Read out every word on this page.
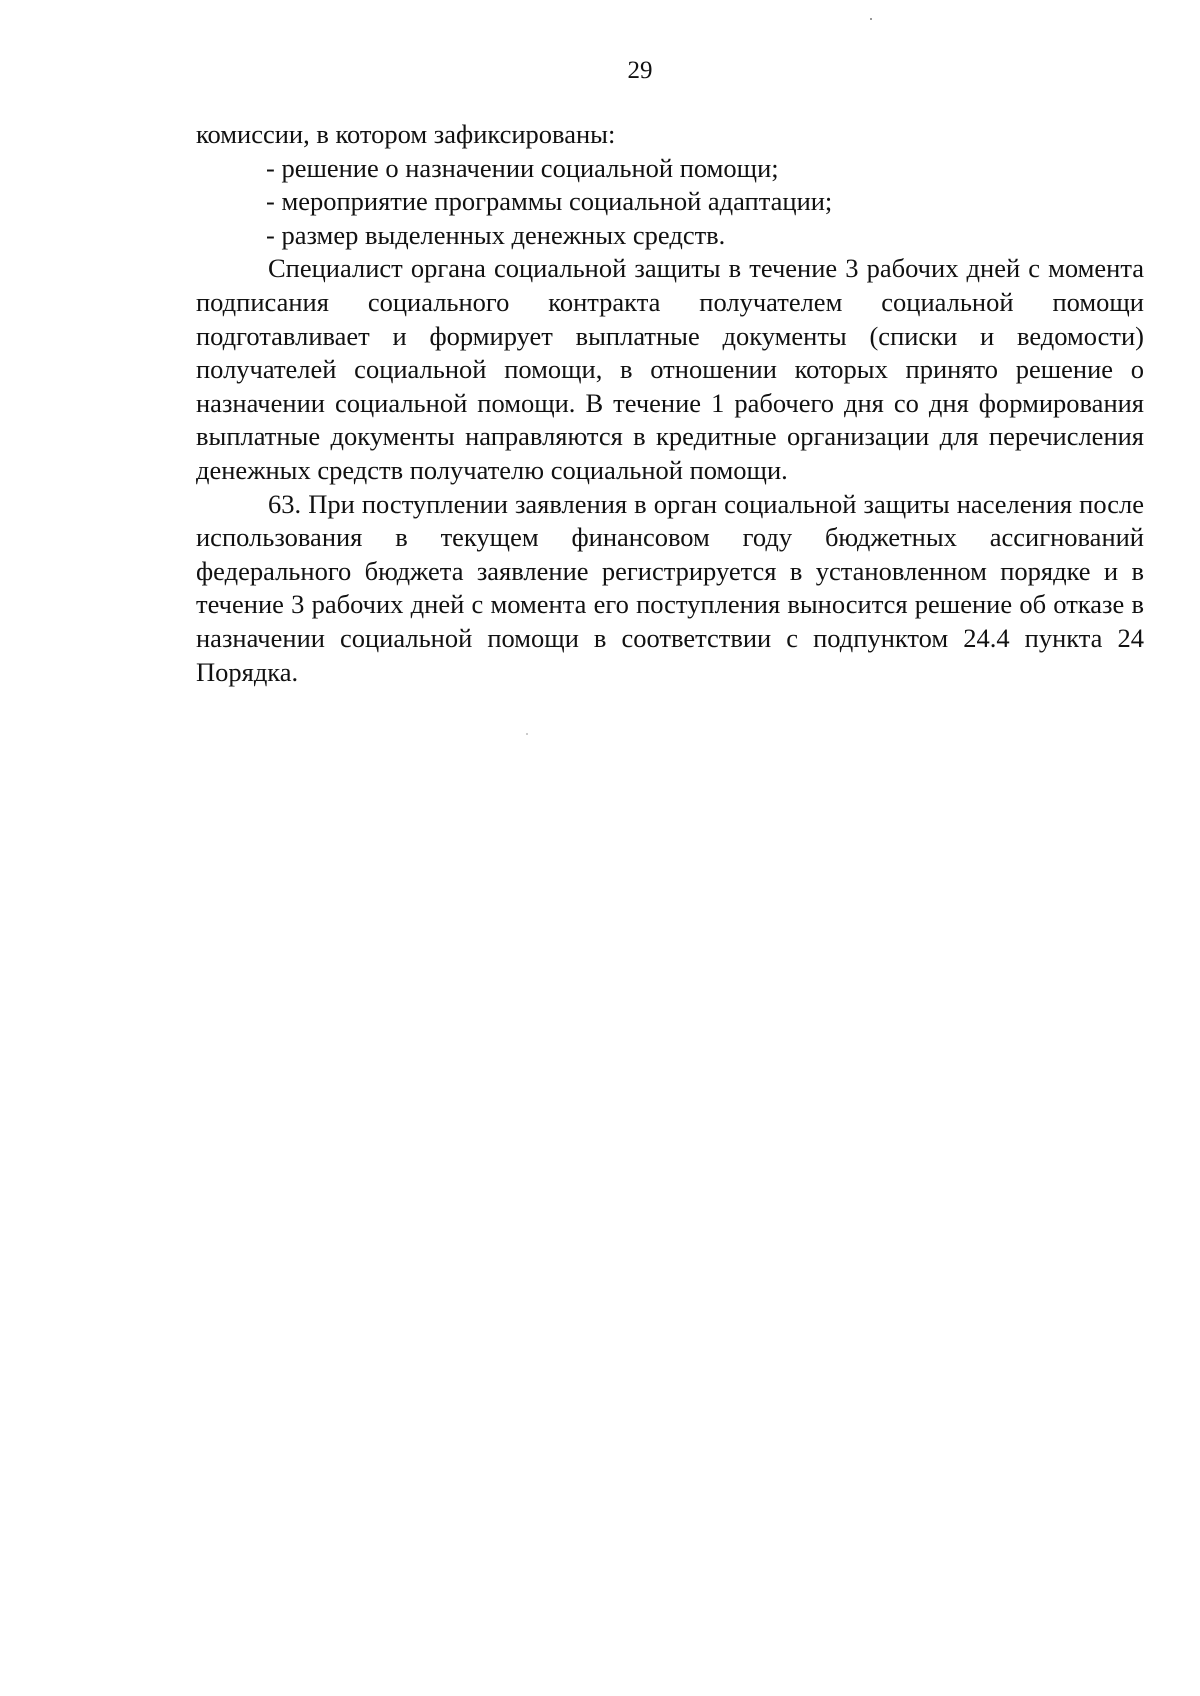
29

комиссии, в котором зафиксированы:

- решение о назначении социальной помощи;

- мероприятие программы социальной адаптации;

- размер выделенных денежных средств.

Специалист органа социальной защиты в течение 3 рабочих дней с момента подписания социального контракта получателем социальной помощи подготавливает и формирует выплатные документы (списки и ведомости) получателей социальной помощи, в отношении которых принято решение о назначении социальной помощи. В течение 1 рабочего дня со дня формирования выплатные документы направляются в кредитные организации для перечисления денежных средств получателю социальной помощи.

63. При поступлении заявления в орган социальной защиты населения после использования в текущем финансовом году бюджетных ассигнований федерального бюджета заявление регистрируется в установленном порядке и в течение 3 рабочих дней с момента его поступления выносится решение об отказе в назначении социальной помощи в соответствии с подпунктом 24.4 пункта 24 Порядка.
